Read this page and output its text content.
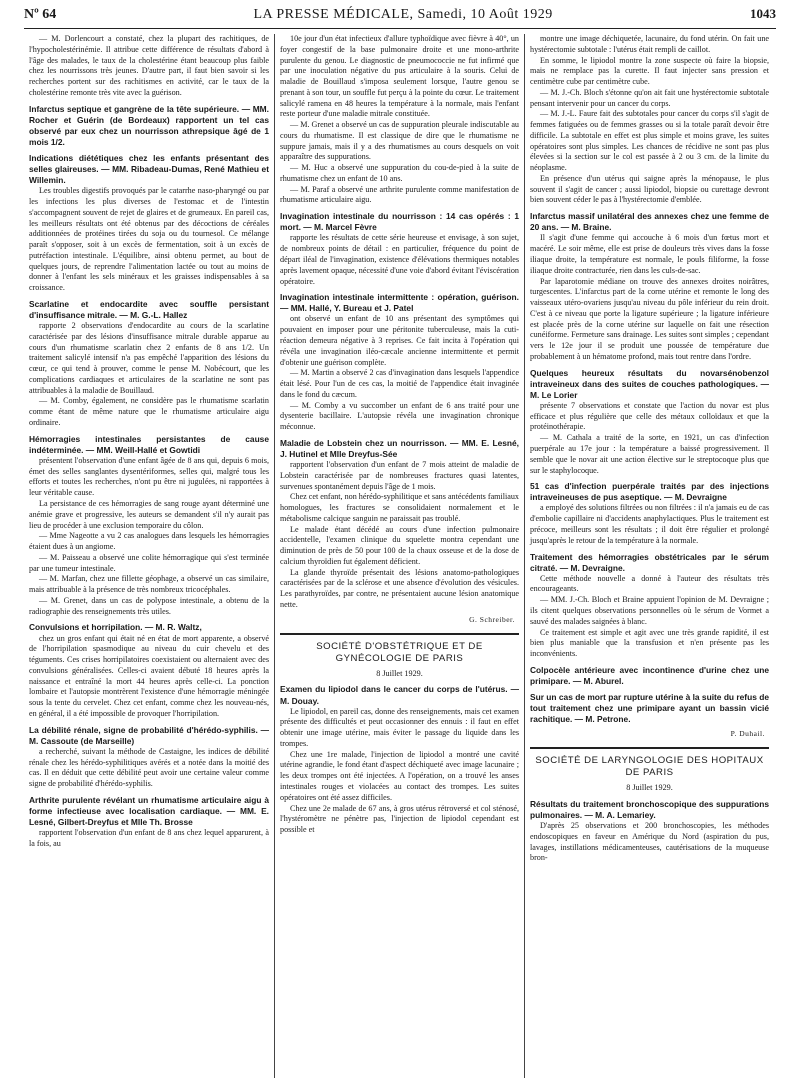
Nº 64	LA PRESSE MÉDICALE, Samedi, 10 Août 1929	1043

— M. Dorlencourt a constaté, chez la plupart des rachitiques, de l'hypocholestérinémie. Il attribue cette différence de résultats d'abord à l'âge des malades, le taux de la cholestérine étant beaucoup plus faible chez les nourrissons très jeunes. D'autre part, il faut bien savoir si les recherches portent sur des rachitismes en activité, car le taux de la cholestérine remonte très vite avec la guérison.

Infarctus septique et gangrène de la tête supérieure. — MM. Rocher et Guérin (de Bordeaux) rapportent un tel cas observé par eux chez un nourrisson athrepsique âgé de 1 mois 1/2.

Indications diététiques chez les enfants présentant des selles glaireuses. — MM. Ribadeau-Dumas, René Mathieu et Willemin.

Les troubles digestifs provoqués par le catarrhe naso-pharyngé ou par les infections les plus diverses de l'estomac et de l'intestin s'accompagnent souvent de rejet de glaires et de grumeaux. En pareil cas, les meilleurs résultats ont été obtenus par des décoctions de céréales additionnées de protéines tirées du soja ou du tournesol. Ce mélange paraît s'opposer, soit à un excès de fermentation, soit à un excès de putréfaction intestinale. L'équilibre, ainsi obtenu permet, au bout de quelques jours, de reprendre l'alimentation lactée ou tout au moins de donner à l'enfant les sels minéraux et les graisses indispensables à sa croissance.

Scarlatine et endocardite avec souffle persistant d'insuffisance mitrale. — M. G.-L. Hallez

rapporte 2 observations d'endocardite au cours de la scarlatine caractérisée par des lésions d'insuffisance mitrale durable apparue au cours d'un rhumatisme scarlatin chez 2 enfants de 8 ans 1/2. Un traitement salicylé intensif n'a pas empêché l'apparition des lésions du cœur, ce qui tend à prouver, comme le pense M. Nobécourt, que les complications cardiaques et articulaires de la scarlatine ne sont pas attribuables à la maladie de Bouillaud.

— M. Comby, également, ne considère pas le rhumatisme scarlatin comme étant de même nature que le rhumatisme articulaire aigu ordinaire.

Hémorragies intestinales persistantes de cause indéterminée. — MM. Weill-Hallé et Gowtidi

présentent l'observation d'une enfant âgée de 8 ans qui, depuis 6 mois, émet des selles sanglantes dysentériformes, selles qui, malgré tous les efforts et toutes les recherches, n'ont pu être ni jugulées, ni rapportées à leur véritable cause.

La persistance de ces hémorragies de sang rouge ayant déterminé une anémie grave et progressive, les auteurs se demandent s'il n'y aurait pas lieu de procéder à une exclusion temporaire du côlon.

— Mme Nageotte a vu 2 cas analogues dans lesquels les hémorragies étaient dues à un angiome.

— M. Paisseau a observé une colite hémorragique qui s'est terminée par une tumeur intestinale.

— M. Marfan, chez une fillette géophage, a observé un cas similaire, mais attribuable à la présence de très nombreux tricocéphales.

— M. Grenet, dans un cas de polypose intestinale, a obtenu de la radiographie des renseignements très utiles.

Convulsions et horripilation. — M. R. Waltz,

chez un gros enfant qui était né en état de mort apparente, a observé de l'horripilation spasmodique au niveau du cuir chevelu et des téguments. Ces crises horripilatoires coexistaient ou alternaient avec des convulsions généralisées. Celles-ci avaient débuté 18 heures après la naissance et entraîné la mort 44 heures après celle-ci. La ponction lombaire et l'autopsie montrèrent l'existence d'une hémorragie méningée sous la tente du cervelet. Chez cet enfant, comme chez les nouveau-nés, en général, il a été impossible de provoquer l'horripilation.

La débilité rénale, signe de probabilité d'hérédo-syphilis. — M. Cassoute (de Marseille)

a recherché, suivant la méthode de Castaigne, les indices de débilité rénale chez les hérédo-syphilitiques avérés et a notée dans la moitié des cas. Il en déduit que cette débilité peut avoir une certaine valeur comme signe de probabilité d'hérédo-syphilis.

Arthrite purulente révélant un rhumatisme articulaire aigu à forme infectieuse avec localisation cardiaque. — MM. E. Lesné, Gilbert-Dreyfus et Mlle Th. Brosse

rapportent l'observation d'un enfant de 8 ans chez lequel apparurent, à la fois, au

10e jour d'un état infectieux d'allure typhoïdique avec fièvre à 40°, un foyer congestif de la base pulmonaire droite et une mono-arthrite purulente du genou. Le diagnostic de pneumococcie ne fut infirmé que par une inoculation négative du pus articulaire à la souris. Celui de maladie de Bouillaud s'imposa seulement lorsque, l'autre genou se prenant à son tour, un souffle fut perçu à la pointe du cœur. Le traitement salicylé ramena en 48 heures la température à la normale, mais l'enfant reste porteur d'une maladie mitrale constituée.

— M. Grenet a observé un cas de suppuration pleurale indiscutable au cours du rhumatisme. Il est classique de dire que le rhumatisme ne suppure jamais, mais il y a des rhumatismes au cours desquels on voit apparaître des suppurations.

— M. Huc a observé une suppuration du cou-de-pied à la suite de rhumatisme chez un enfant de 10 ans.

— M. Paraf a observé une arthrite purulente comme manifestation de rhumatisme articulaire aigu.

Invagination intestinale du nourrisson : 14 cas opérés : 1 mort. — M. Marcel Fèvre

rapporte les résultats de cette série heureuse et envisage, à son sujet, de nombreux points de détail : en particulier, fréquence du point de départ iléal de l'invagination, existence d'élévations thermiques notables après lavement opaque, nécessité d'une voie d'abord évitant l'éviscération opératoire.

Invagination intestinale intermittente : opération, guérison. — MM. Hallé, Y. Bureau et J. Patel

ont observé un enfant de 10 ans présentant des symptômes qui pouvaient en imposer pour une péritonite tuberculeuse, mais la cuti-réaction demeura négative à 3 reprises. Ce fait incita à l'opération qui révéla une invagination iléo-cæcale ancienne intermittente et permit d'obtenir une guérison complète.

— M. Martin a observé 2 cas d'invagination dans lesquels l'appendice était lésé. Pour l'un de ces cas, la moitié de l'appendice était invaginée dans le fond du cæcum.

— M. Comby a vu succomber un enfant de 6 ans traité pour une dysenterie bacillaire. L'autopsie révéla une invagination chronique méconnue.

Maladie de Lobstein chez un nourrisson. — MM. E. Lesné, J. Hutinel et Mlle Dreyfus-Sée

rapportent l'observation d'un enfant de 7 mois atteint de maladie de Lobstein caractérisée par de nombreuses fractures quasi latentes, survenues spontanément depuis l'âge de 1 mois.

Chez cet enfant, non hérédo-syphilitique et sans antécédents familiaux homologues, les fractures se consolidaient normalement et le métabolisme calcique sanguin ne paraissait pas troublé.

Le malade étant décédé au cours d'une infection pulmonaire accidentelle, l'examen clinique du squelette montra cependant une diminution de près de 50 pour 100 de la chaux osseuse et de la dose de calcium thyroïdien fut également déficient.

La glande thyroïde présentait des lésions anatomo-pathologiques caractérisées par de la sclérose et une absence d'évolution des vésicules. Les parathyroïdes, par contre, ne présentaient aucune lésion anatomique nette.

G. Schreiber.
SOCIÉTÉ D'OBSTÉTRIQUE ET DE GYNÉCOLOGIE DE PARIS
8 Juillet 1929.

Examen du lipiodol dans le cancer du corps de l'utérus. — M. Douay.

Le lipiodol, en pareil cas, donne des renseignements, mais cet examen présente des difficultés et peut occasionner des ennuis : il faut en effet obtenir une image utérine, mais éviter le passage du liquide dans les trompes.

Chez une 1re malade, l'injection de lipiodol a montré une cavité utérine agrandie, le fond étant d'aspect déchiqueté avec image lacunaire ; les deux trompes ont été injectées. A l'opération, on a trouvé les anses intestinales rouges et violacées au contact des trompes. Les suites opératoires ont été assez difficiles.

Chez une 2e malade de 67 ans, à gros utérus rétroversé et col sténosé, l'hystéromètre ne pénètre pas, l'injection de lipiodol cependant est possible et

montre une image déchiquetée, lacunaire, du fond utérin. On fait une hystérectomie subtotale : l'utérus était rempli de caillot.

En somme, le lipiodol montre la zone suspecte où faire la biopsie, mais ne remplace pas la curette. Il faut injecter sans pression et centimètre cube par centimètre cube.

— M. J.-Ch. Bloch s'étonne qu'on ait fait une hystérectomie subtotale pensant intervenir pour un cancer du corps.

— M. J.-L. Faure fait des subtotales pour cancer du corps s'il s'agit de femmes fatiguées ou de femmes grasses ou si la totale paraît devoir être difficile. La subtotale en effet est plus simple et moins grave, les suites opératoires sont plus simples. Les chances de récidive ne sont pas plus élevées si la section sur le col est passée à 2 ou 3 cm. de la limite du néoplasme.

En présence d'un utérus qui saigne après la ménopause, le plus souvent il s'agit de cancer ; aussi lipiodol, biopsie ou curettage devront bien souvent céder le pas à l'hystérectomie d'emblée.

Infarctus massif unilatéral des annexes chez une femme de 20 ans. — M. Braine.

Il s'agit d'une femme qui accouche à 6 mois d'un fœtus mort et macéré. Le soir même, elle est prise de douleurs très vives dans la fosse iliaque droite, la température est normale, le pouls filiforme, la fosse iliaque droite contracturée, rien dans les culs-de-sac.

Par laparotomie médiane on trouve des annexes droites noirâtres, turgescentes. L'infarctus part de la corne utérine et remonte le long des vaisseaux utéro-ovariens jusqu'au niveau du pôle inférieur du rein droit. C'est à ce niveau que porte la ligature supérieure ; la ligature inférieure est placée près de la corne utérine sur laquelle on fait une résection cunéiforme. Fermeture sans drainage. Les suites sont simples ; cependant vers le 12e jour il se produit une poussée de température due probablement à un hématome profond, mais tout rentre dans l'ordre.

Quelques heureux résultats du novarsénobenzol intraveineux dans des suites de couches pathologiques. — M. Le Lorier

présente 7 observations et constate que l'action du novar est plus efficace et plus régulière que celle des métaux colloïdaux et que la protéinothérapie.

— M. Cathala a traité de la sorte, en 1921, un cas d'infection puerpérale au 17e jour : la température a baissé progressivement. Il semble que le novar ait une action élective sur le streptocoque plus que sur le staphylocoque.

51 cas d'infection puerpérale traités par des injections intraveineuses de pus aseptique. — M. Devraigne

a employé des solutions filtrées ou non filtrées : il n'a jamais eu de cas d'embolie capillaire ni d'accidents anaphylactiques. Plus le traitement est précoce, meilleurs sont les résultats ; il doit être régulier et prolongé jusqu'après le retour de la température à la normale.

Traitement des hémorragies obstétricales par le sérum citraté. — M. Devraigne.

Cette méthode nouvelle a donné à l'auteur des résultats très encourageants.

— MM. J.-Ch. Bloch et Braine appuient l'opinion de M. Devraigne ; ils citent quelques observations personnelles où le sérum de Vormet a sauvé des malades saignées à blanc.

Ce traitement est simple et agit avec une très grande rapidité, il est bien plus maniable que la transfusion et n'en présente pas les inconvénients.

Colpocèle antérieure avec incontinence d'urine chez une primipare. — M. Aburel.

Sur un cas de mort par rupture utérine à la suite du refus de tout traitement chez une primipare ayant un bassin vicié rachitique. — M. Petrone.

P. Duhail.
SOCIÉTÉ DE LARYNGOLOGIE DES HOPITAUX DE PARIS
8 Juillet 1929.

Résultats du traitement bronchoscopique des suppurations pulmonaires. — M. A. Lemariey.

D'après 25 observations et 200 bronchoscopies, les méthodes endoscopiques en faveur en Amérique du Nord (aspiration du pus, lavages, instillations médicamenteuses, cautérisations de la muqueuse bron-
